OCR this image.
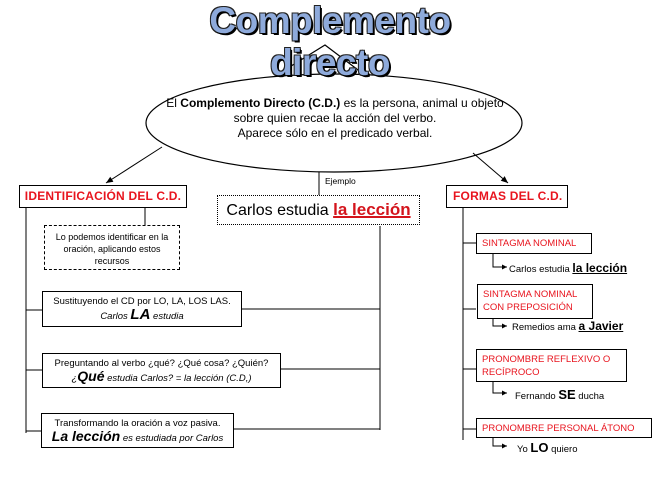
Complemento directo
El Complemento Directo (C.D.) es la persona, animal u objeto
sobre quien recae la acción del verbo.
Aparece sólo en el predicado verbal.
Ejemplo
Carlos estudia la lección
IDENTIFICACIÓN DEL C.D.
Lo podemos identificar en la oración, aplicando estos recursos
Sustituyendo el CD por LO, LA, LOS LAS.
Carlos LA estudia
Preguntando al verbo ¿qué? ¿Qué cosa? ¿Quién?
¿Qué estudia Carlos? = la lección (C.D,)
Transformando la oración a voz pasiva.
La lección es estudiada por Carlos
FORMAS DEL C.D.
SINTAGMA NOMINAL
Carlos estudia la lección
SINTAGMA NOMINAL CON PREPOSICIÓN
Remedios ama a Javier
PRONOMBRE REFLEXIVO O RECÍPROCO
Fernando SE ducha
PRONOMBRE PERSONAL ÁTONO
Yo LO quiero
